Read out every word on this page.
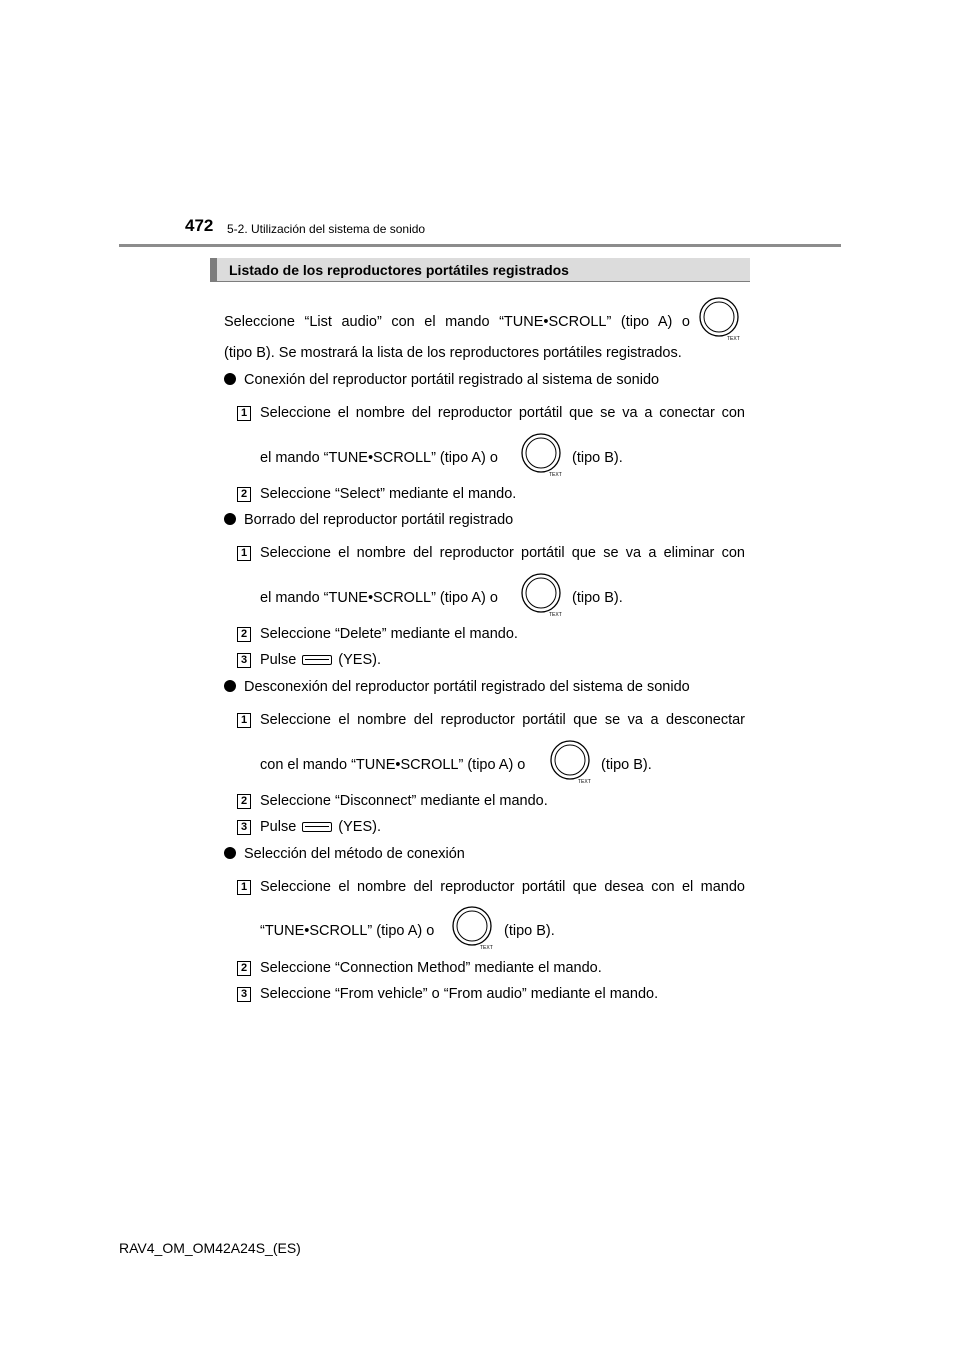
472 5-2. Utilización del sistema de sonido
Listado de los reproductores portátiles registrados
Seleccione “List audio” con el mando “TUNE•SCROLL” (tipo A) o
TEXT
(tipo B). Se mostrará la lista de los reproductores portátiles registrados.
Conexión del reproductor portátil registrado al sistema de sonido
1 Seleccione el nombre del reproductor portátil que se va a conectar con
el mando “TUNE•SCROLL” (tipo A) o
TEXT
(tipo B).
2 Seleccione “Select” mediante el mando.
Borrado del reproductor portátil registrado
1 Seleccione el nombre del reproductor portátil que se va a eliminar con
el mando “TUNE•SCROLL” (tipo A) o
TEXT
(tipo B).
2 Seleccione “Delete” mediante el mando.
3 Pulse	(YES).
Desconexión del reproductor portátil registrado del sistema de sonido
1 Seleccione el nombre del reproductor portátil que se va a desconectar
con el mando “TUNE•SCROLL” (tipo A) o
TEXT
(tipo B).
2 Seleccione “Disconnect” mediante el mando.
3 Pulse	(YES).
Selección del método de conexión
1 Seleccione el nombre del reproductor portátil que desea con el mando
“TUNE•SCROLL” (tipo A) o
TEXT
(tipo B).
2 Seleccione “Connection Method” mediante el mando.
3 Seleccione “From vehicle” o “From audio” mediante el mando.
RAV4_OM_OM42A24S_(ES)
